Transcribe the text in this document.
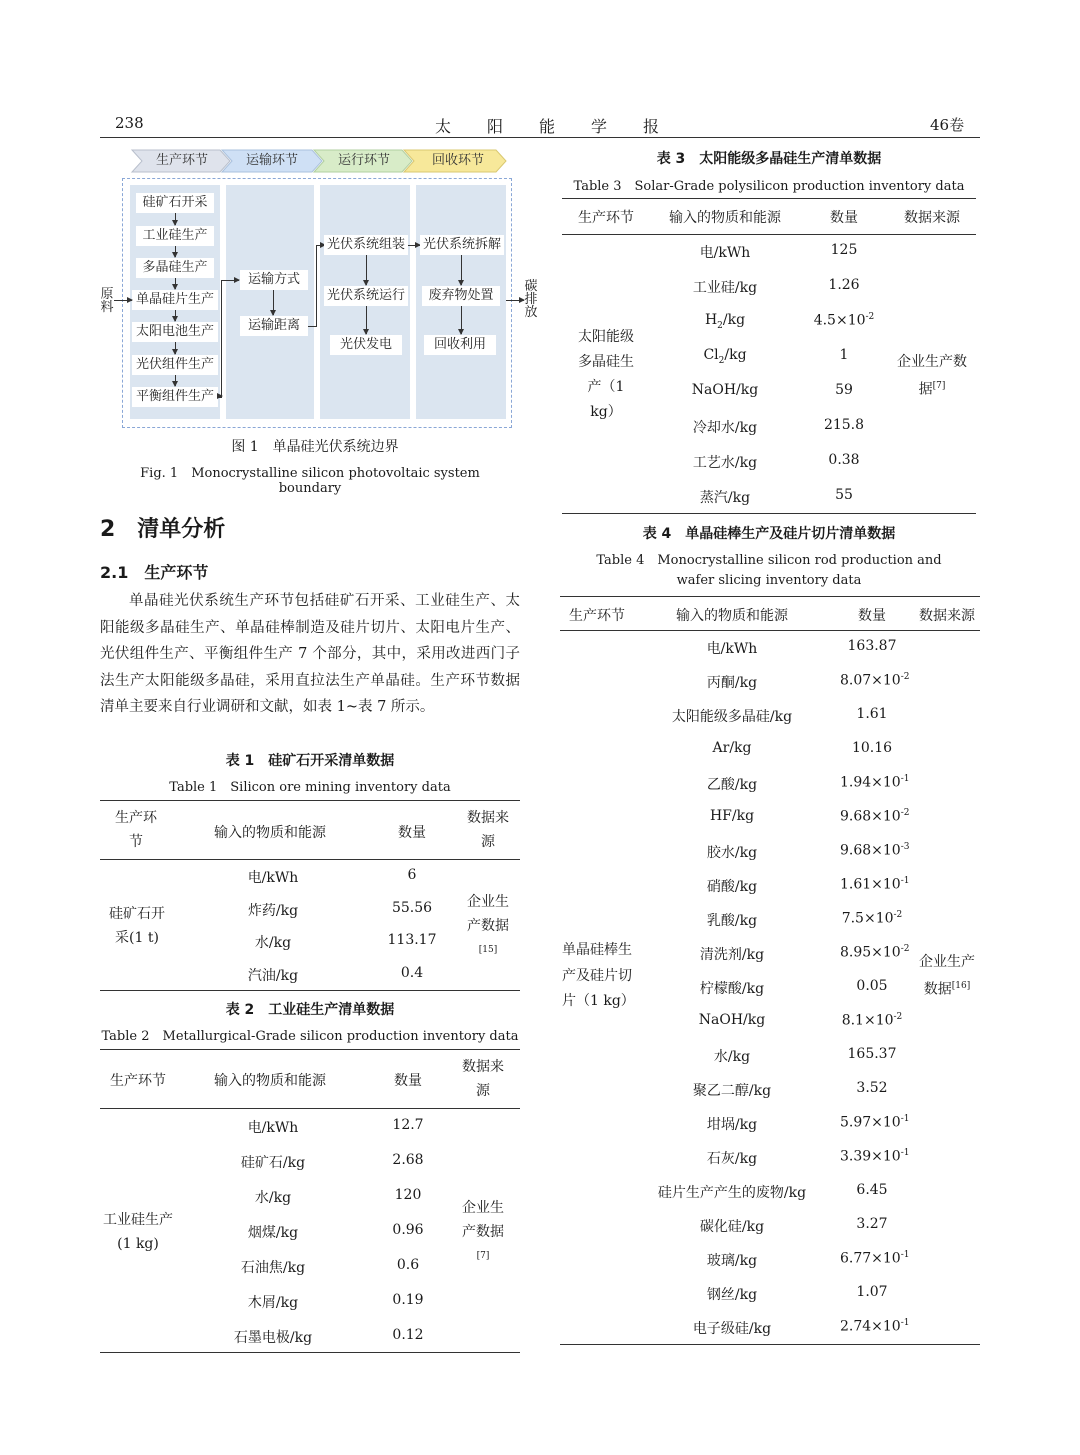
238	太阳能学报	46卷
生产环节	运输环节	运行环节	回收环节
硅矿石开采
工业硅生产
多晶硅生产
单晶硅片生产
太阳电池生产
光伏组件生产
平衡组件生产
原料
运输方式
运输距离
光伏系统组装
光伏系统运行
光伏发电
光伏系统拆解
废弃物处置
回收利用
碳排放
图 1　单晶硅光伏系统边界
Fig. 1　Monocrystalline silicon photovoltaic system boundary
2　清单分析
2.1　生产环节
单晶硅光伏系统生产环节包括硅矿石开采、工业硅生产、太阳能级多晶硅生产、单晶硅棒制造及硅片切片、太阳电片生产、光伏组件生产、平衡组件生产 7 个部分，其中，采用改进西门子法生产太阳能级多晶硅，采用直拉法生产单晶硅。生产环节数据清单主要来自行业调研和文献，如表 1~表 7 所示。
表 1　硅矿石开采清单数据
Table 1　Silicon ore mining inventory data
生产环节
输入的物质和能源	数量
数据来源
电/kWh	6
炸药/kg	55.56
水/kg	113.17
汽油/kg	0.4
硅矿石开采(1 t)
企业生产数据[15]
表 2　工业硅生产清单数据
Table 2　Metallurgical-Grade silicon production inventory data
生产环节	输入的物质和能源	数量
数据来源
电/kWh	12.7
硅矿石/kg	2.68
水/kg	120
烟煤/kg	0.96
石油焦/kg	0.6
木屑/kg	0.19
石墨电极/kg	0.12
工业硅生产(1 kg)
企业生产数据[7]
表 3　太阳能级多晶硅生产清单数据
Table 3　Solar-Grade polysilicon production inventory data
生产环节	输入的物质和能源	数量	数据来源
电/kWh	125
工业硅/kg	1.26
$H_2/kg$	$4.5\times 10^{-2}$
$Cl_2/kg$	1
NaOH/kg	59
冷却水/kg	215.8
工艺水/kg	0.38
蒸汽/kg	55
太阳能级多晶硅生产（1 kg）
企业生产数据[7]
表 4　单晶硅棒生产及硅片切片清单数据
Table 4　Monocrystalline silicon rod production and
wafer slicing inventory data
生产环节	输入的物质和能源	数量	数据来源
电/kWh	163.87
丙酮/kg	$8.07\times 10^{-2}$
太阳能级多晶硅/kg	1.61
Ar/kg	10.16
乙酸/kg	$1.94\times 10^{-1}$
HF/kg	$9.68\times 10^{-2}$
胶水/kg	$9.68\times 10^{-3}$
硝酸/kg	$1.61\times 10^{-1}$
乳酸/kg	$7.5\times 10^{-2}$
清洗剂/kg	$8.95\times 10^{-2}$
柠檬酸/kg	0.05
NaOH/kg	$8.1\times 10^{-2}$
水/kg	165.37
聚乙二醇/kg	3.52
坩埚/kg	$5.97\times 10^{-1}$
石灰/kg	$3.39\times 10^{-1}$
硅片生产产生的废物/kg	6.45
碳化硅/kg	3.27
玻璃/kg	$6.77\times 10^{-1}$
钢丝/kg	1.07
电子级硅/kg	$2.74\times 10^{-1}$
单晶硅棒生产及硅片切片（1 kg）
企业生产数据[16]
